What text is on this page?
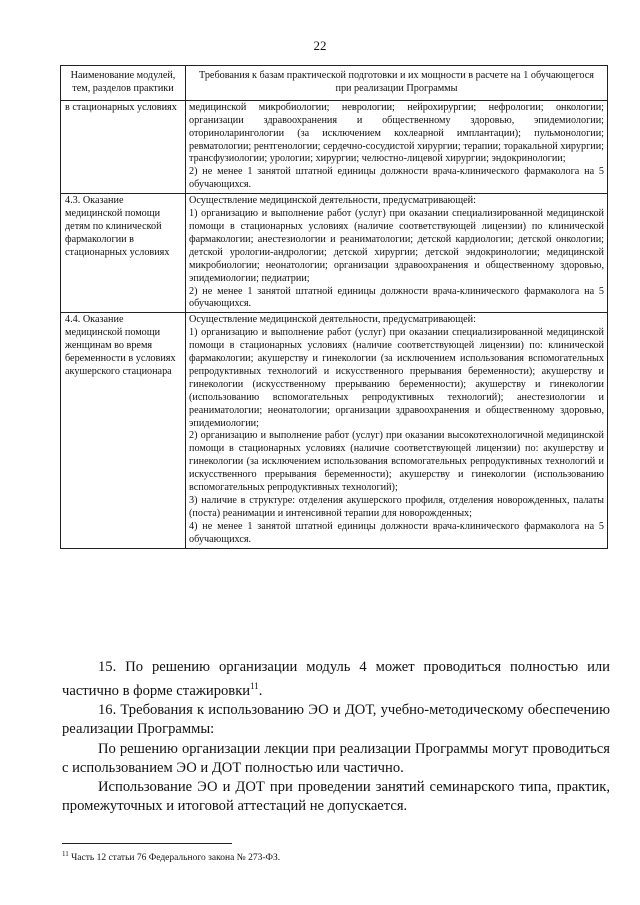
22
Наименование модулей, тем, разделов практики	Требования к базам практической подготовки и их мощности в расчете на 1 обучающегося при реализации Программы
в стационарных условиях	медицинской микробиологии; неврологии; нейрохирургии; нефрологии; онкологии; организации здравоохранения и общественному здоровью, эпидемиологии; оториноларингологии (за исключением кохлеарной имплантации); пульмонологии; ревматологии; рентгенологии; сердечно-сосудистой хирургии; терапии; торакальной хирургии; трансфузиологии; урологии; хирургии; челюстно-лицевой хирургии; эндокринологии;

2) не менее 1 занятой штатной единицы должности врача-клинического фармаколога на 5 обучающихся.

4.3. Оказание медицинской помощи детям по клинической фармакологии в стационарных условиях	Осуществление медицинской деятельности, предусматривающей:

1) организацию и выполнение работ (услуг) при оказании специализированной медицинской помощи в стационарных условиях (наличие соответствующей лицензии) по клинической фармакологии; анестезиологии и реаниматологии; детской кардиологии; детской онкологии; детской урологии-андрологии; детской хирургии; детской эндокринологии; медицинской микробиологии; неонатологии; организации здравоохранения и общественному здоровью, эпидемиологии; педиатрии;

2) не менее 1 занятой штатной единицы должности врача-клинического фармаколога на 5 обучающихся.

4.4. Оказание медицинской помощи женщинам во время беременности в условиях акушерского стационара	Осуществление медицинской деятельности, предусматривающей:

1) организацию и выполнение работ (услуг) при оказании специализированной медицинской помощи в стационарных условиях (наличие соответствующей лицензии) по: клинической фармакологии; акушерству и гинекологии (за исключением использования вспомогательных репродуктивных технологий и искусственного прерывания беременности); акушерству и гинекологии (искусственному прерыванию беременности); акушерству и гинекологии (использованию вспомогательных репродуктивных технологий); анестезиологии и реаниматологии; неонатологии; организации здравоохранения и общественному здоровью, эпидемиологии;

2) организацию и выполнение работ (услуг) при оказании высокотехнологичной медицинской помощи в стационарных условиях (наличие соответствующей лицензии) по: акушерству и гинекологии (за исключением использования вспомогательных репродуктивных технологий и искусственного прерывания беременности); акушерству и гинекологии (использованию вспомогательных репродуктивных технологий);

3) наличие в структуре: отделения акушерского профиля, отделения новорожденных, палаты (поста) реанимации и интенсивной терапии для новорожденных;

4) не менее 1 занятой штатной единицы должности врача-клинического фармаколога на 5 обучающихся.

15. По решению организации модуль 4 может проводиться полностью или частично в форме стажировки$^{11}$.

16. Требования к использованию ЭО и ДОТ, учебно-методическому обеспечению реализации Программы:

По решению организации лекции при реализации Программы могут проводиться с использованием ЭО и ДОТ полностью или частично.

Использование ЭО и ДОТ при проведении занятий семинарского типа, практик, промежуточных и итоговой аттестаций не допускается.

$^{11}$ Часть 12 статьи 76 Федерального закона № 273-ФЗ.
